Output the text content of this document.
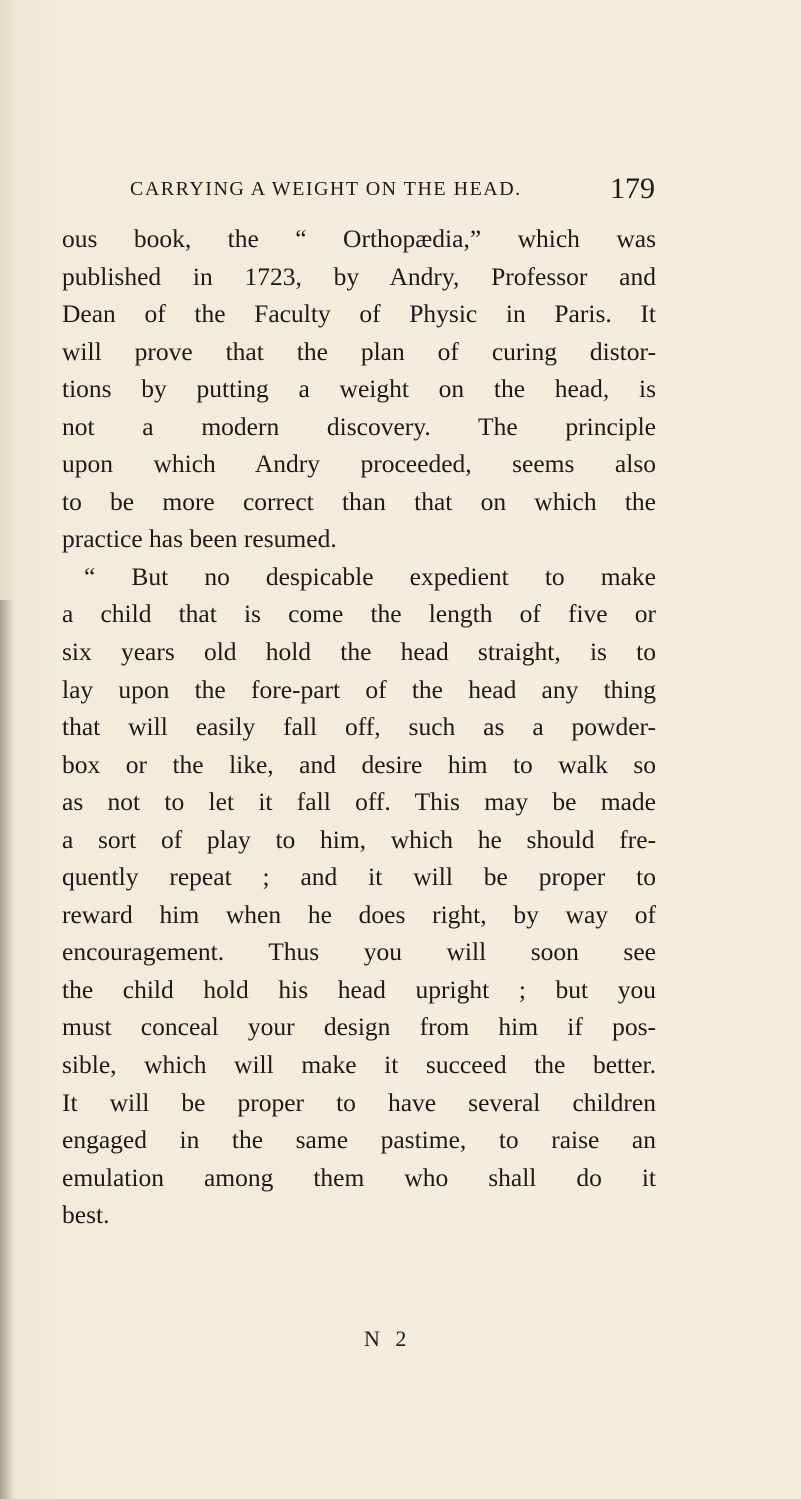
CARRYING A WEIGHT ON THE HEAD.	179
ous book, the “ Orthopædia,” which was
published in 1723, by Andry, Professor and
Dean of the Faculty of Physic in Paris. It
will prove that the plan of curing distor-
tions by putting a weight on the head, is
not a modern discovery. The principle
upon which Andry proceeded, seems also
to be more correct than that on which the
practice has been resumed.
“ But no despicable expedient to make
a child that is come the length of five or
six years old hold the head straight, is to
lay upon the fore-part of the head any thing
that will easily fall off, such as a powder-
box or the like, and desire him to walk so
as not to let it fall off. This may be made
a sort of play to him, which he should fre-
quently repeat ; and it will be proper to
reward him when he does right, by way of
encouragement. Thus you will soon see
the child hold his head upright ; but you
must conceal your design from him if pos-
sible, which will make it succeed the better.
It will be proper to have several children
engaged in the same pastime, to raise an
emulation among them who shall do it
best.
N 2
